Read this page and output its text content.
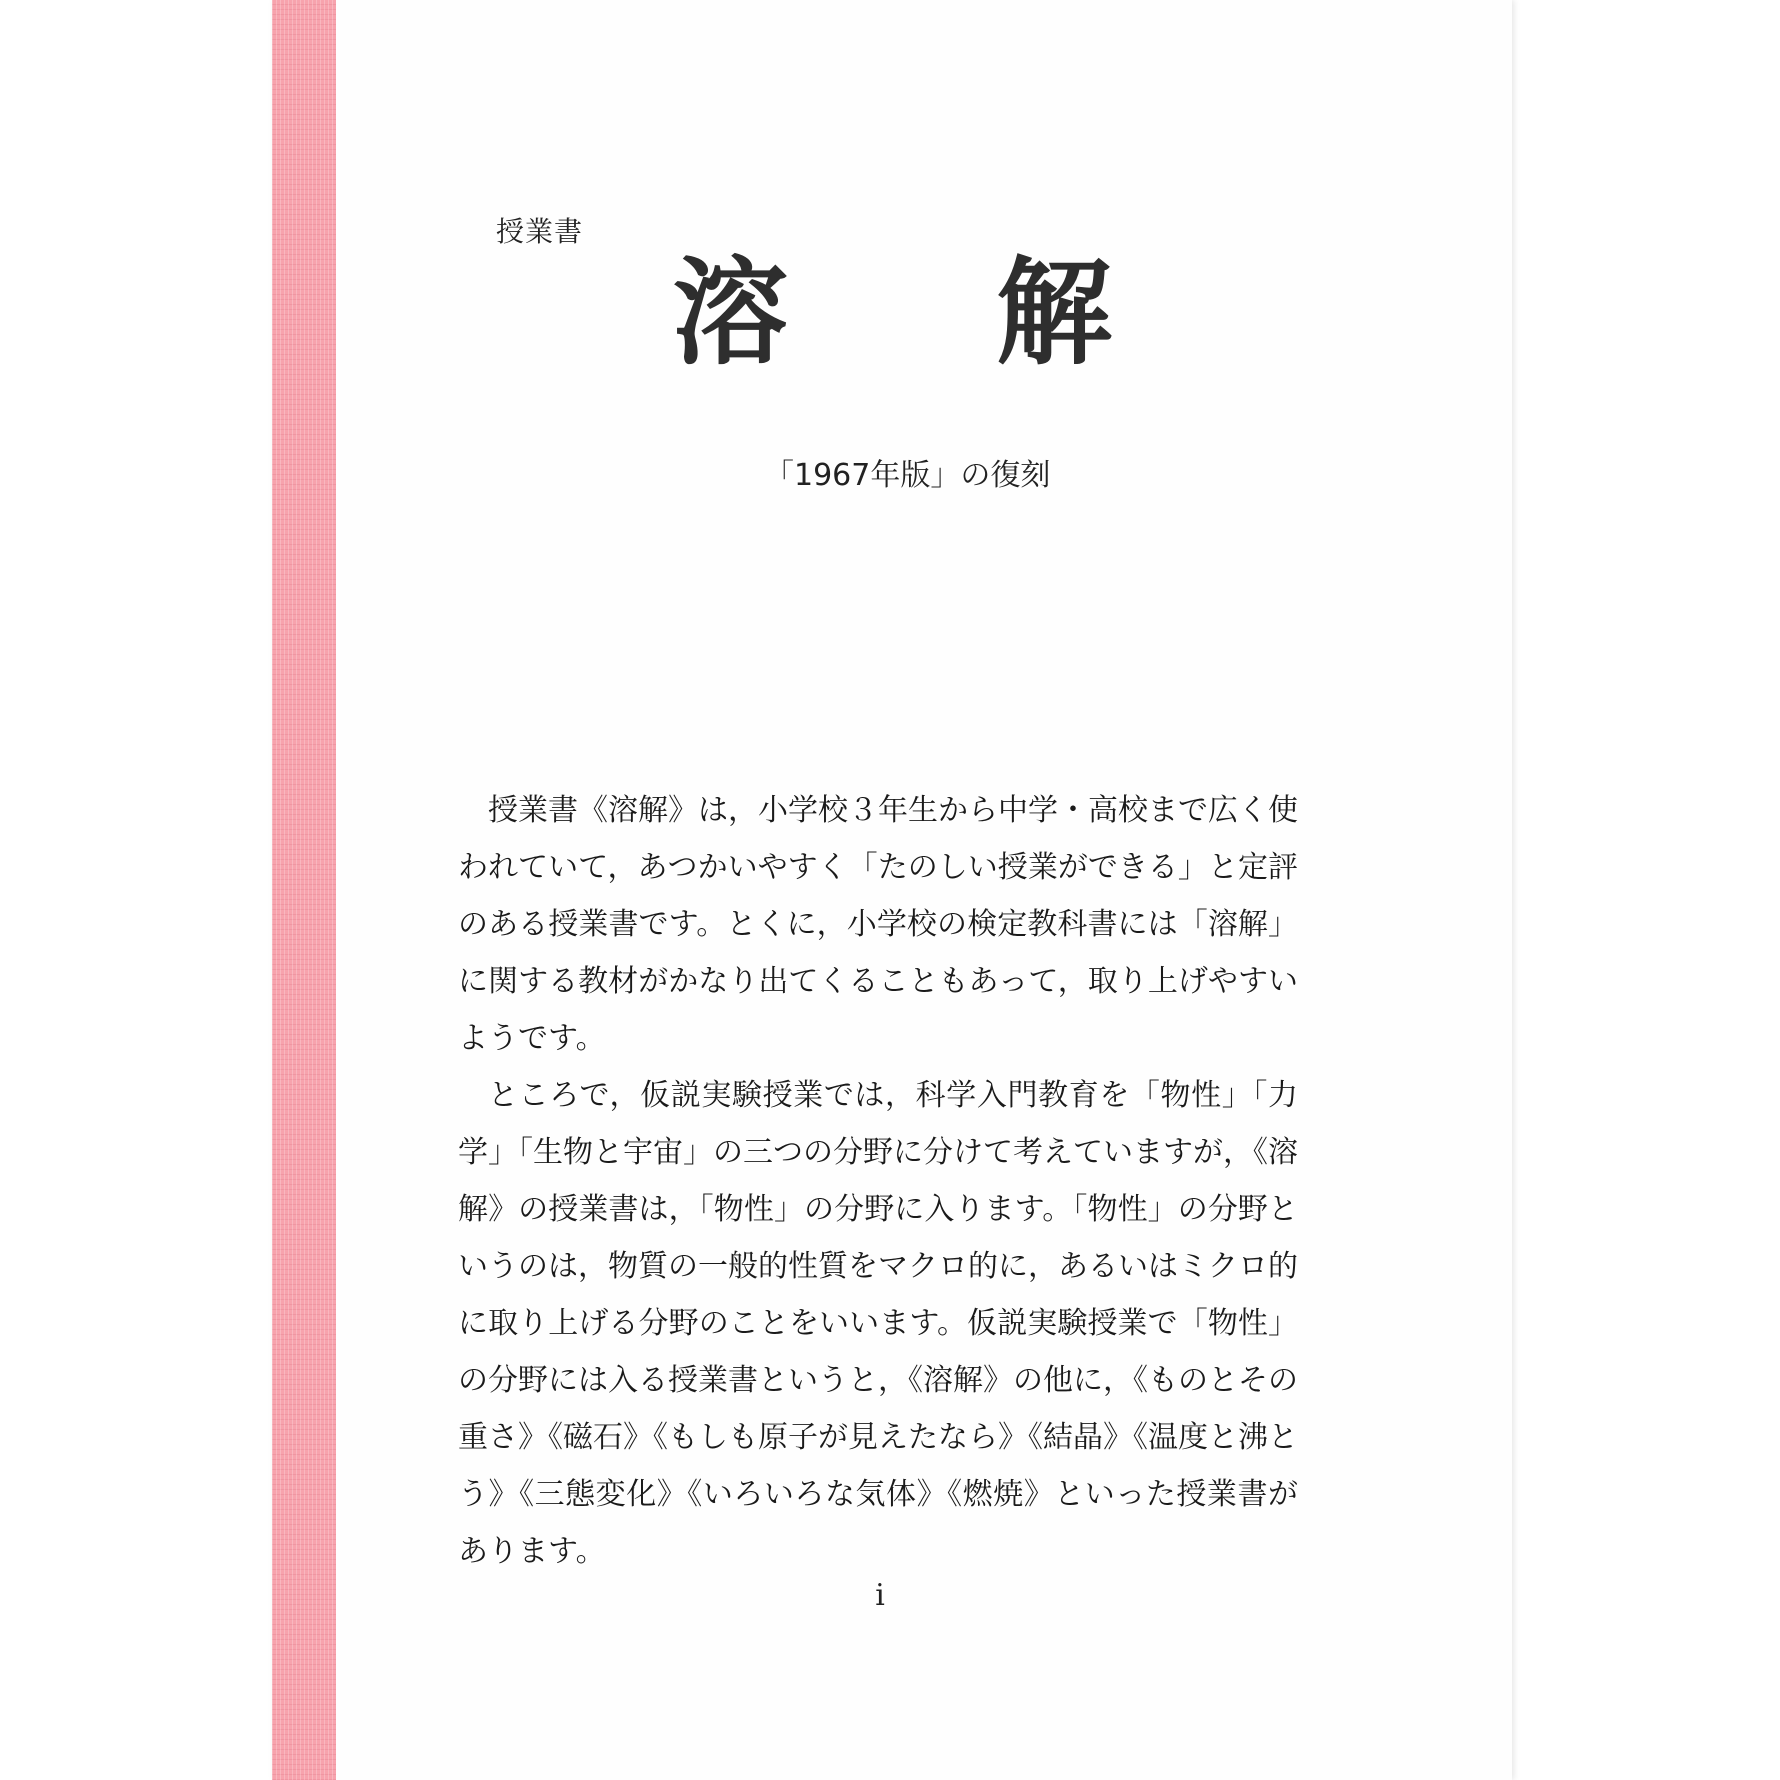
授業書
溶 解
「1967年版」の復刻

授業書《溶解》は，小学校３年生から中学・高校まで広く使われていて，あつかいやすく「たのしい授業ができる」と定評のある授業書です。とくに，小学校の検定教科書には「溶解」に関する教材がかなり出てくることもあって，取り上げやすいようです。

ところで，仮説実験授業では，科学入門教育を「物性」「力学」「生物と宇宙」の三つの分野に分けて考えていますが，《溶解》の授業書は，「物性」の分野に入ります。「物性」の分野というのは，物質の一般的性質をマクロ的に，あるいはミクロ的に取り上げる分野のことをいいます。仮説実験授業で「物性」の分野には入る授業書というと，《溶解》の他に，《ものとその重さ》《磁石》《もしも原子が見えたなら》《結晶》《温度と沸とう》《三態変化》《いろいろな気体》《燃焼》といった授業書があります。

i
